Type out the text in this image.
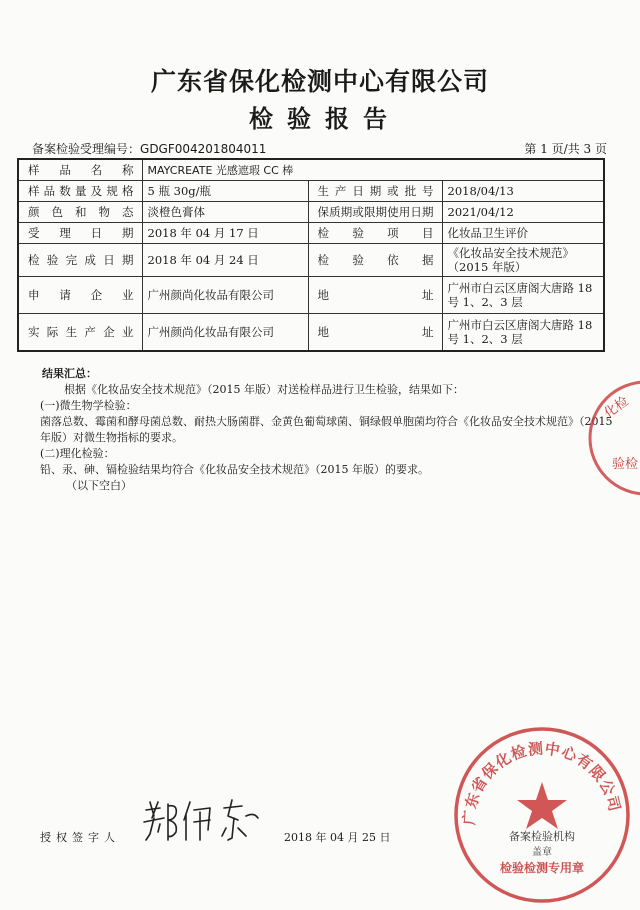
广东省保化检测中心有限公司
检验报告
备案检验受理编号：GDGF004201804011	第 1 页/共 3 页
样品名称	MAYCREATE 光感遮瑕 CC 棒		
样品数量及规格	5 瓶 30g/瓶	生产日期或批号	2018/04/13
颜色和物态	淡橙色膏体	保质期或限期使用日期	2021/04/12
受理日期	2018 年 04 月 17 日	检验项目	化妆品卫生评价
检验完成日期	2018 年 04 月 24 日	检验依据	《化妆品安全技术规范》（2015 年版）
申请企业	广州颜尚化妆品有限公司	地址	广州市白云区唐阁大唐路 18 号 1、2、3 层
实际生产企业	广州颜尚化妆品有限公司	地址	广州市白云区唐阁大唐路 18 号 1、2、3 层

结果汇总：

根据《化妆品安全技术规范》（2015 年版）对送检样品进行卫生检验，结果如下：

(一)微生物学检验：

菌落总数、霉菌和酵母菌总数、耐热大肠菌群、金黄色葡萄球菌、铜绿假单胞菌均符合《化妆品安全技术规范》（2015 年版）对微生物指标的要求。

(二)理化检验：

铅、汞、砷、镉检验结果均符合《化妆品安全技术规范》（2015 年版）的要求。

（以下空白）

授权签字人	2018 年 04 月 25 日
化检
验检
广东省保化检测中心有限公司
备案检验机构
盖章
检验检测专用章
